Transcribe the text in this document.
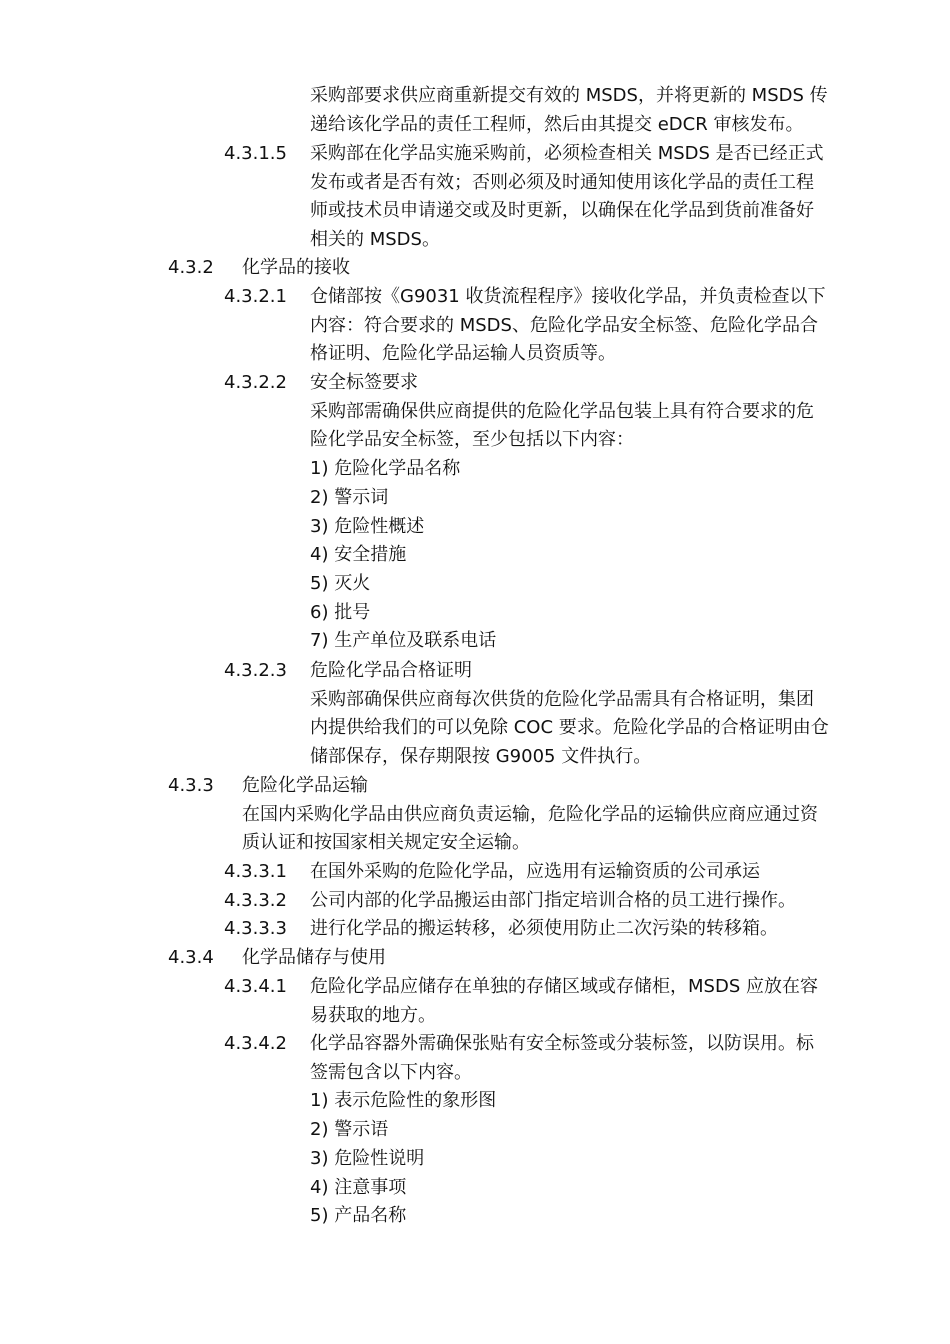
采购部要求供应商重新提交有效的 MSDS，并将更新的 MSDS 传
递给该化学品的责任工程师，然后由其提交 eDCR 审核发布。
4.3.1.5 采购部在化学品实施采购前，必须检查相关 MSDS 是否已经正式
发布或者是否有效；否则必须及时通知使用该化学品的责任工程
师或技术员申请递交或及时更新，以确保在化学品到货前准备好
相关的 MSDS。
4.3.2 化学品的接收
4.3.2.1 仓储部按《G9031 收货流程程序》接收化学品，并负责检查以下
内容：符合要求的 MSDS、危险化学品安全标签、危险化学品合
格证明、危险化学品运输人员资质等。
4.3.2.2 安全标签要求
采购部需确保供应商提供的危险化学品包装上具有符合要求的危
险化学品安全标签，至少包括以下内容：
1) 危险化学品名称
2) 警示词
3) 危险性概述
4) 安全措施
5) 灭火
6) 批号
7) 生产单位及联系电话
4.3.2.3 危险化学品合格证明
采购部确保供应商每次供货的危险化学品需具有合格证明，集团
内提供给我们的可以免除 COC 要求。危险化学品的合格证明由仓
储部保存，保存期限按 G9005 文件执行。
4.3.3 危险化学品运输
在国内采购化学品由供应商负责运输，危险化学品的运输供应商应通过资
质认证和按国家相关规定安全运输。
4.3.3.1 在国外采购的危险化学品，应选用有运输资质的公司承运
4.3.3.2 公司内部的化学品搬运由部门指定培训合格的员工进行操作。
4.3.3.3 进行化学品的搬运转移，必须使用防止二次污染的转移箱。
4.3.4 化学品储存与使用
4.3.4.1 危险化学品应储存在单独的存储区域或存储柜，MSDS 应放在容
易获取的地方。
4.3.4.2 化学品容器外需确保张贴有安全标签或分装标签，以防误用。标
签需包含以下内容。
1) 表示危险性的象形图
2) 警示语
3) 危险性说明
4) 注意事项
5) 产品名称
